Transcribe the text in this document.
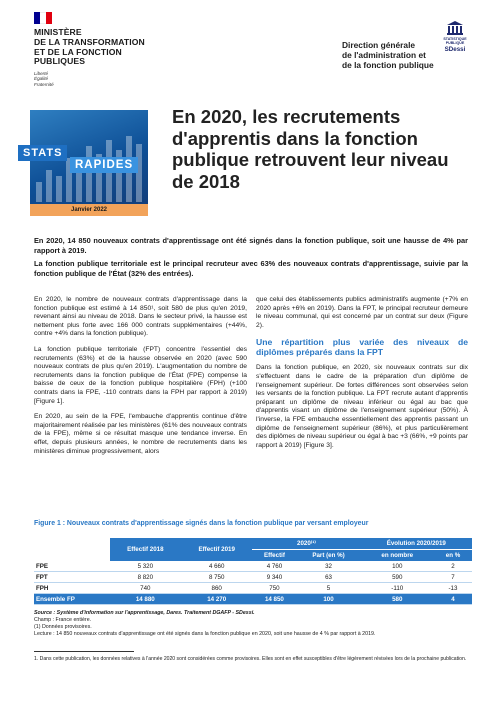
MINISTÈRE
DE LA TRANSFORMATION
ET DE LA FONCTION
PUBLIQUES
Liberté
Égalité
Fraternité
Direction générale
de l'administration et
de la fonction publique
STATISTIQUE
PUBLIQUE
SDessi
STATS
RAPIDES
Janvier 2022
En 2020, les recrutements d'apprentis dans la fonction publique retrouvent leur niveau de 2018

En 2020, 14 850 nouveaux contrats d'apprentissage ont été signés dans la fonction publique, soit une hausse de 4% par rapport à 2019.

La fonction publique territoriale est le principal recruteur avec 63% des nouveaux contrats d'apprentissage, suivie par la fonction publique de l'État (32% des entrées).

En 2020, le nombre de nouveaux contrats d'apprentissage dans la fonction publique est estimé à 14 850¹, soit 580 de plus qu'en 2019, revenant ainsi au niveau de 2018. Dans le secteur privé, la hausse est nettement plus forte avec 166 000 contrats supplémentaires (+44%, contre +4% dans la fonction publique).

La fonction publique territoriale (FPT) concentre l'essentiel des recrutements (63%) et de la hausse observée en 2020 (avec 590 nouveaux contrats de plus qu'en 2019). L'augmentation du nombre de recrutements dans la fonction publique de l'État (FPE) compense la baisse de ceux de la fonction publique hospitalière (FPH) (+100 contrats dans la FPE, -110 contrats dans la FPH par rapport à 2019) [Figure 1].

En 2020, au sein de la FPE, l'embauche d'apprentis continue d'être majoritairement réalisée par les ministères (61% des nouveaux contrats de la FPE), même si ce résultat masque une tendance inverse. En effet, depuis plusieurs années, le nombre de recrutements dans les ministères diminue progressivement, alors

que celui des établissements publics administratifs augmente (+7% en 2020 après +6% en 2019). Dans la FPT, le principal recruteur demeure le niveau communal, qui est concerné par un contrat sur deux (Figure 2).

Une répartition plus variée des niveaux de diplômes préparés dans la FPT

Dans la fonction publique, en 2020, six nouveaux contrats sur dix s'effectuent dans le cadre de la préparation d'un diplôme de l'enseignement supérieur. De fortes différences sont observées selon les versants de la fonction publique. La FPT recrute autant d'apprentis préparant un diplôme de niveau inférieur ou égal au bac que d'apprentis visant un diplôme de l'enseignement supérieur (50%). À l'inverse, la FPE embauche essentiellement des apprentis passant un diplôme de l'enseignement supérieur (86%), et plus particulièrement des diplômes de niveau supérieur ou égal à bac +3 (66%, +9 points par rapport à 2019) [Figure 3].

Figure 1 : Nouveaux contrats d'apprentissage signés dans la fonction publique par versant employeur
	Effectif 2018	Effectif 2019	2020⁽¹⁾		Évolution 2020/2019	
			Effectif	Part (en %)	en nombre	en %
FPE	5 320	4 660	4 760	32	100	2
FPT	8 820	8 750	9 340	63	590	7
FPH	740	860	750	5	-110	-13
Ensemble FP	14 880	14 270	14 850	100	580	4
Source : Système d'information sur l'apprentissage, Dares. Traitement DGAFP - SDessi.
Champ : France entière.
(1) Données provisoires.
Lecture : 14 850 nouveaux contrats d'apprentissage ont été signés dans la fonction publique en 2020, soit une hausse de 4 % par rapport à 2019.
1. Dans cette publication, les données relatives à l'année 2020 sont considérées comme provisoires. Elles sont en effet susceptibles d'être légèrement révisées lors de la prochaine publication.
